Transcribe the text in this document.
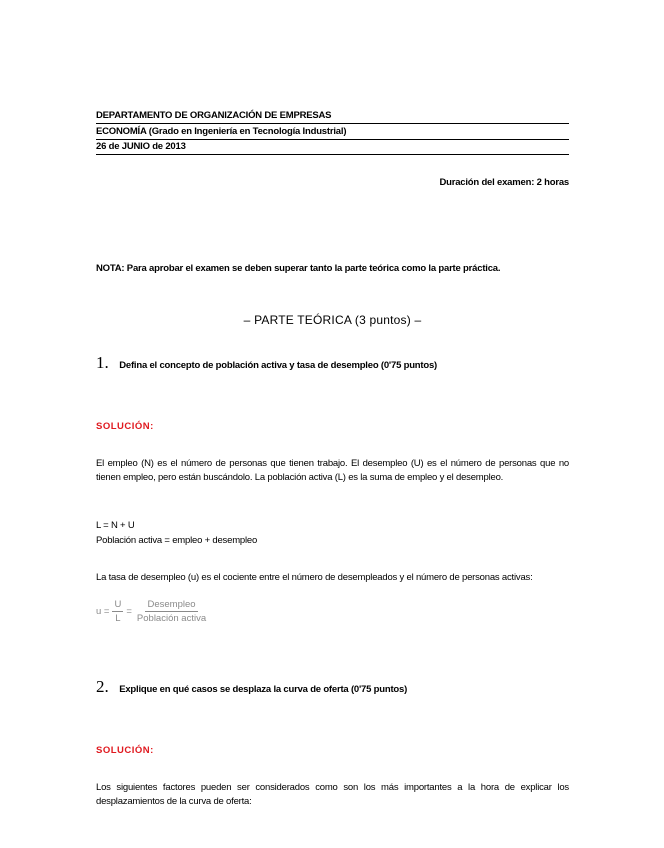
DEPARTAMENTO DE ORGANIZACIÓN DE EMPRESAS
ECONOMÍA (Grado en Ingeniería en Tecnología Industrial)
26 de JUNIO de 2013
Duración del examen: 2 horas
NOTA: Para aprobar el examen se deben superar tanto la parte teórica como la parte práctica.
– PARTE TEÓRICA (3 puntos) –
1. Defina el concepto de población activa y tasa de desempleo (0'75 puntos)
SOLUCIÓN:
El empleo (N) es el número de personas que tienen trabajo. El desempleo (U) es el número de personas que no tienen empleo, pero están buscándolo. La población activa (L) es la suma de empleo y el desempleo.
L = N + U
Población activa = empleo + desempleo
La tasa de desempleo (u) es el cociente entre el número de desempleados y el número de personas activas:
$u = \frac{U}{L} = \frac{\text{Desempleo}}{\text{Población activa}}$
2. Explique en qué casos se desplaza la curva de oferta (0'75 puntos)
SOLUCIÓN:
Los siguientes factores pueden ser considerados como son los más importantes a la hora de explicar los desplazamientos de la curva de oferta:
